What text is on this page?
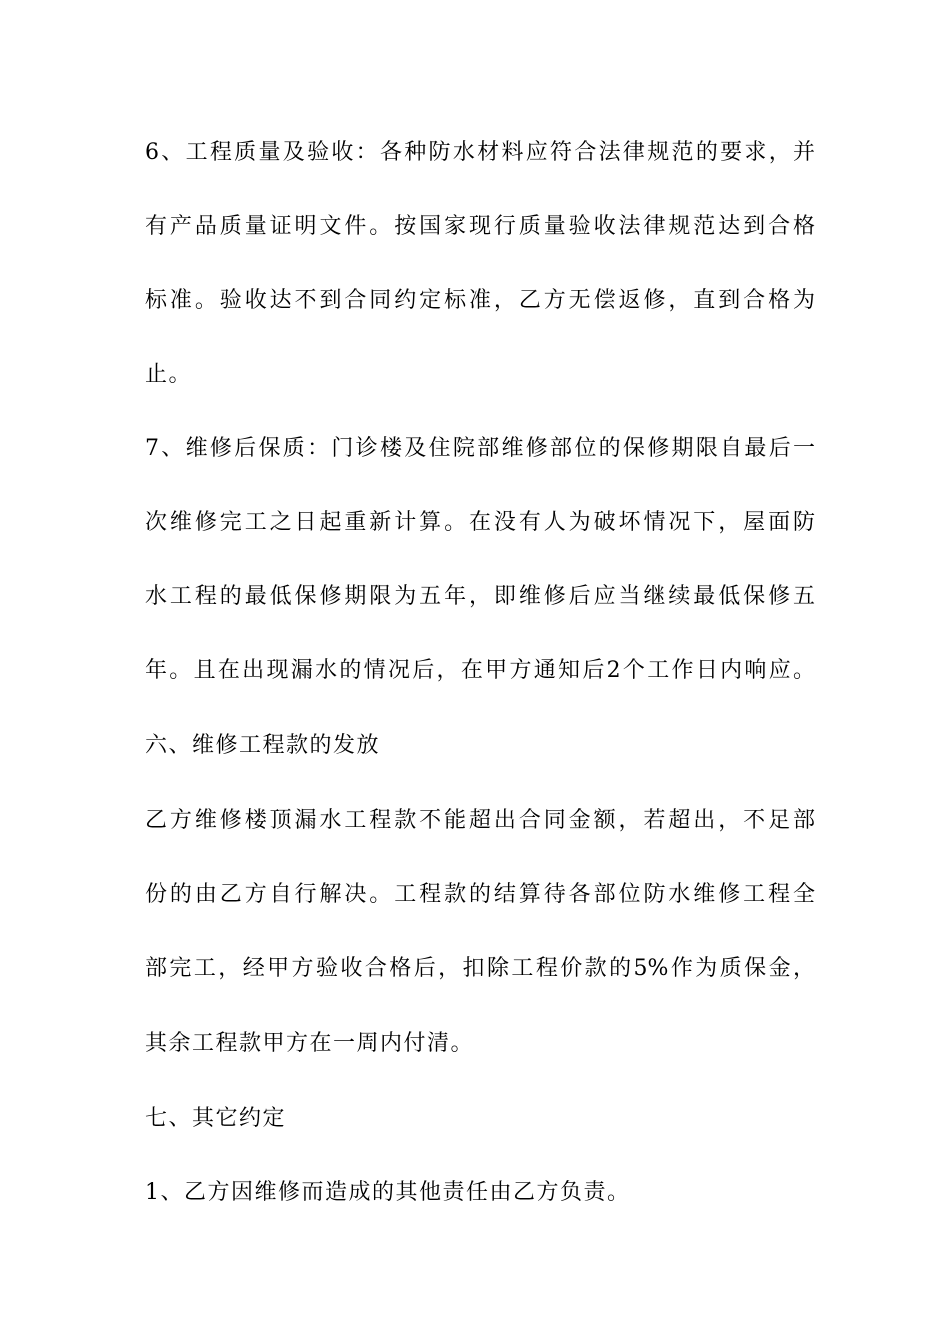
6、工程质量及验收：各种防水材料应符合法律规范的要求，并
有产品质量证明文件。按国家现行质量验收法律规范达到合格
标准。验收达不到合同约定标准，乙方无偿返修，直到合格为
止。
7、维修后保质：门诊楼及住院部维修部位的保修期限自最后一
次维修完工之日起重新计算。在没有人为破坏情况下，屋面防
水工程的最低保修期限为五年，即维修后应当继续最低保修五
年。且在出现漏水的情况后，在甲方通知后2个工作日内响应。
六、维修工程款的发放
乙方维修楼顶漏水工程款不能超出合同金额，若超出，不足部
份的由乙方自行解决。工程款的结算待各部位防水维修工程全
部完工，经甲方验收合格后，扣除工程价款的5%作为质保金，
其余工程款甲方在一周内付清。
七、其它约定
1、乙方因维修而造成的其他责任由乙方负责。
